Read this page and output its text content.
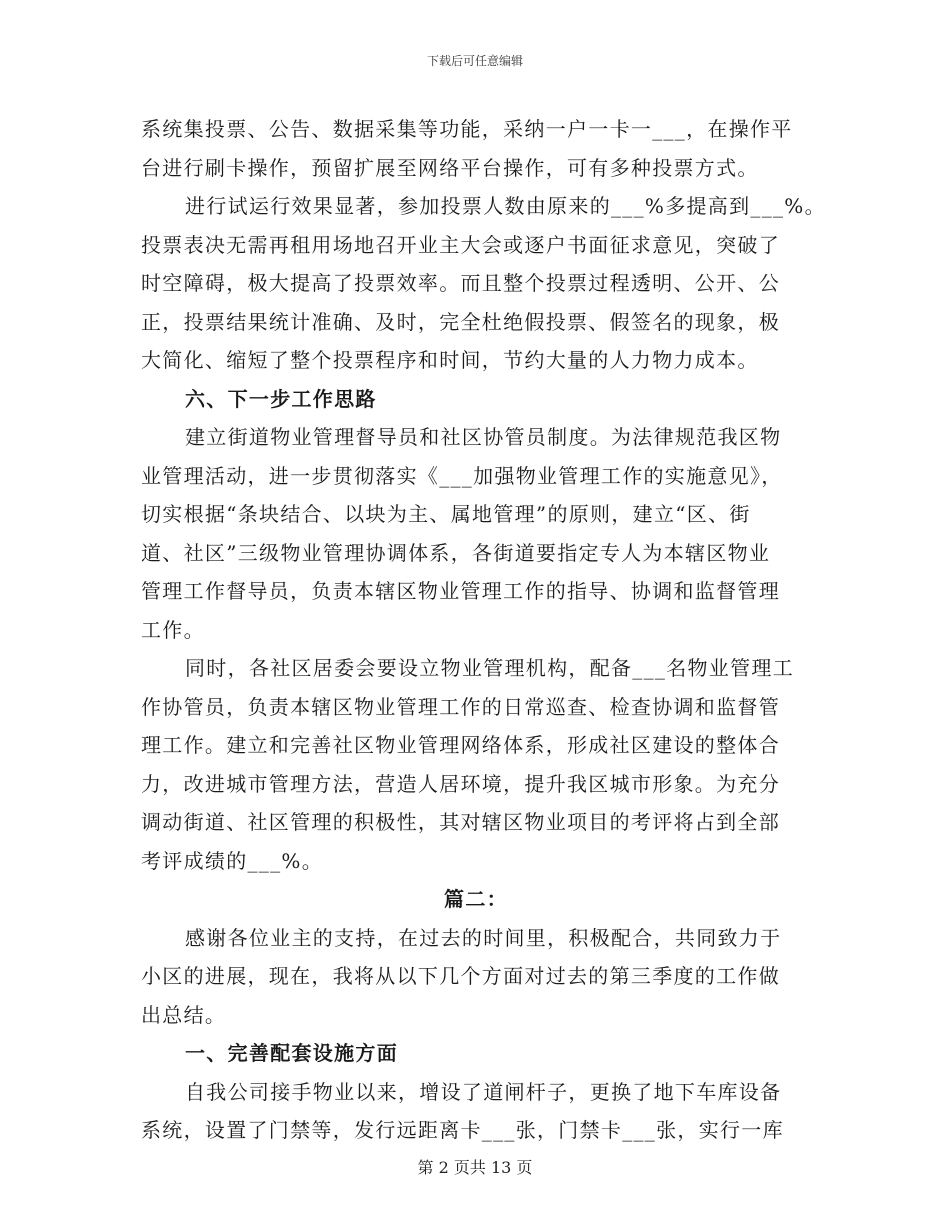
下载后可任意编辑
系统集投票、公告、数据采集等功能，采纳一户一卡一___，在操作平
台进行刷卡操作，预留扩展至网络平台操作，可有多种投票方式。
进行试运行效果显著，参加投票人数由原来的___%多提高到___%。
投票表决无需再租用场地召开业主大会或逐户书面征求意见，突破了
时空障碍，极大提高了投票效率。而且整个投票过程透明、公开、公
正，投票结果统计准确、及时，完全杜绝假投票、假签名的现象，极
大简化、缩短了整个投票程序和时间，节约大量的人力物力成本。
六、下一步工作思路
建立街道物业管理督导员和社区协管员制度。为法律规范我区物
业管理活动，进一步贯彻落实《___加强物业管理工作的实施意见》，
切实根据“条块结合、以块为主、属地管理”的原则，建立“区、街
道、社区”三级物业管理协调体系，各街道要指定专人为本辖区物业
管理工作督导员，负责本辖区物业管理工作的指导、协调和监督管理
工作。
同时，各社区居委会要设立物业管理机构，配备___名物业管理工
作协管员，负责本辖区物业管理工作的日常巡查、检查协调和监督管
理工作。建立和完善社区物业管理网络体系，形成社区建设的整体合
力，改进城市管理方法，营造人居环境，提升我区城市形象。为充分
调动街道、社区管理的积极性，其对辖区物业项目的考评将占到全部
考评成绩的___%。
篇二：
感谢各位业主的支持，在过去的时间里，积极配合，共同致力于
小区的进展，现在，我将从以下几个方面对过去的第三季度的工作做
出总结。
一、完善配套设施方面
自我公司接手物业以来，增设了道闸杆子，更换了地下车库设备
系统，设置了门禁等，发行远距离卡___张，门禁卡___张，实行一库
第 2 页共 13 页
